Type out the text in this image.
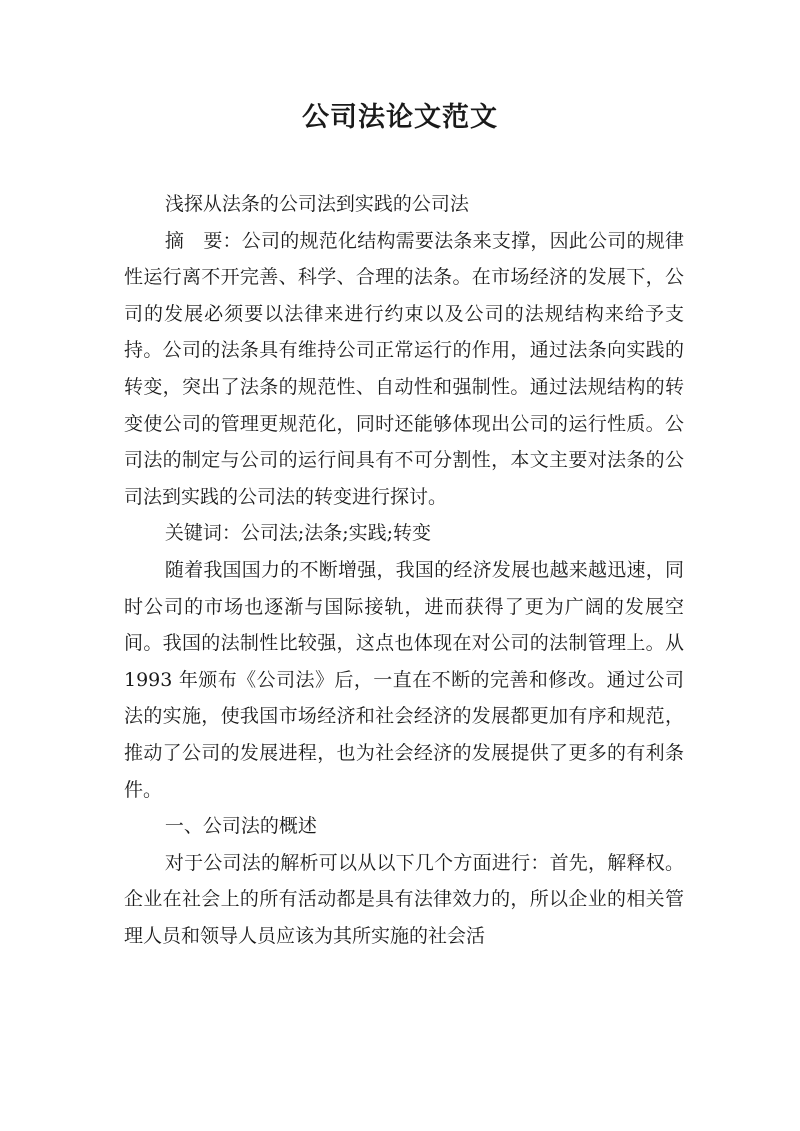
公司法论文范文

浅探从法条的公司法到实践的公司法

摘　要：公司的规范化结构需要法条来支撑，因此公司的规律性运行离不开完善、科学、合理的法条。在市场经济的发展下，公司的发展必须要以法律来进行约束以及公司的法规结构来给予支持。公司的法条具有维持公司正常运行的作用，通过法条向实践的转变，突出了法条的规范性、自动性和强制性。通过法规结构的转变使公司的管理更规范化，同时还能够体现出公司的运行性质。公司法的制定与公司的运行间具有不可分割性，本文主要对法条的公司法到实践的公司法的转变进行探讨。

关键词：公司法;法条;实践;转变

随着我国国力的不断增强，我国的经济发展也越来越迅速，同时公司的市场也逐渐与国际接轨，进而获得了更为广阔的发展空间。我国的法制性比较强，这点也体现在对公司的法制管理上。从 1993 年颁布《公司法》后，一直在不断的完善和修改。通过公司法的实施，使我国市场经济和社会经济的发展都更加有序和规范，推动了公司的发展进程，也为社会经济的发展提供了更多的有利条件。

一、公司法的概述

对于公司法的解析可以从以下几个方面进行：首先，解释权。企业在社会上的所有活动都是具有法律效力的，所以企业的相关管理人员和领导人员应该为其所实施的社会活
